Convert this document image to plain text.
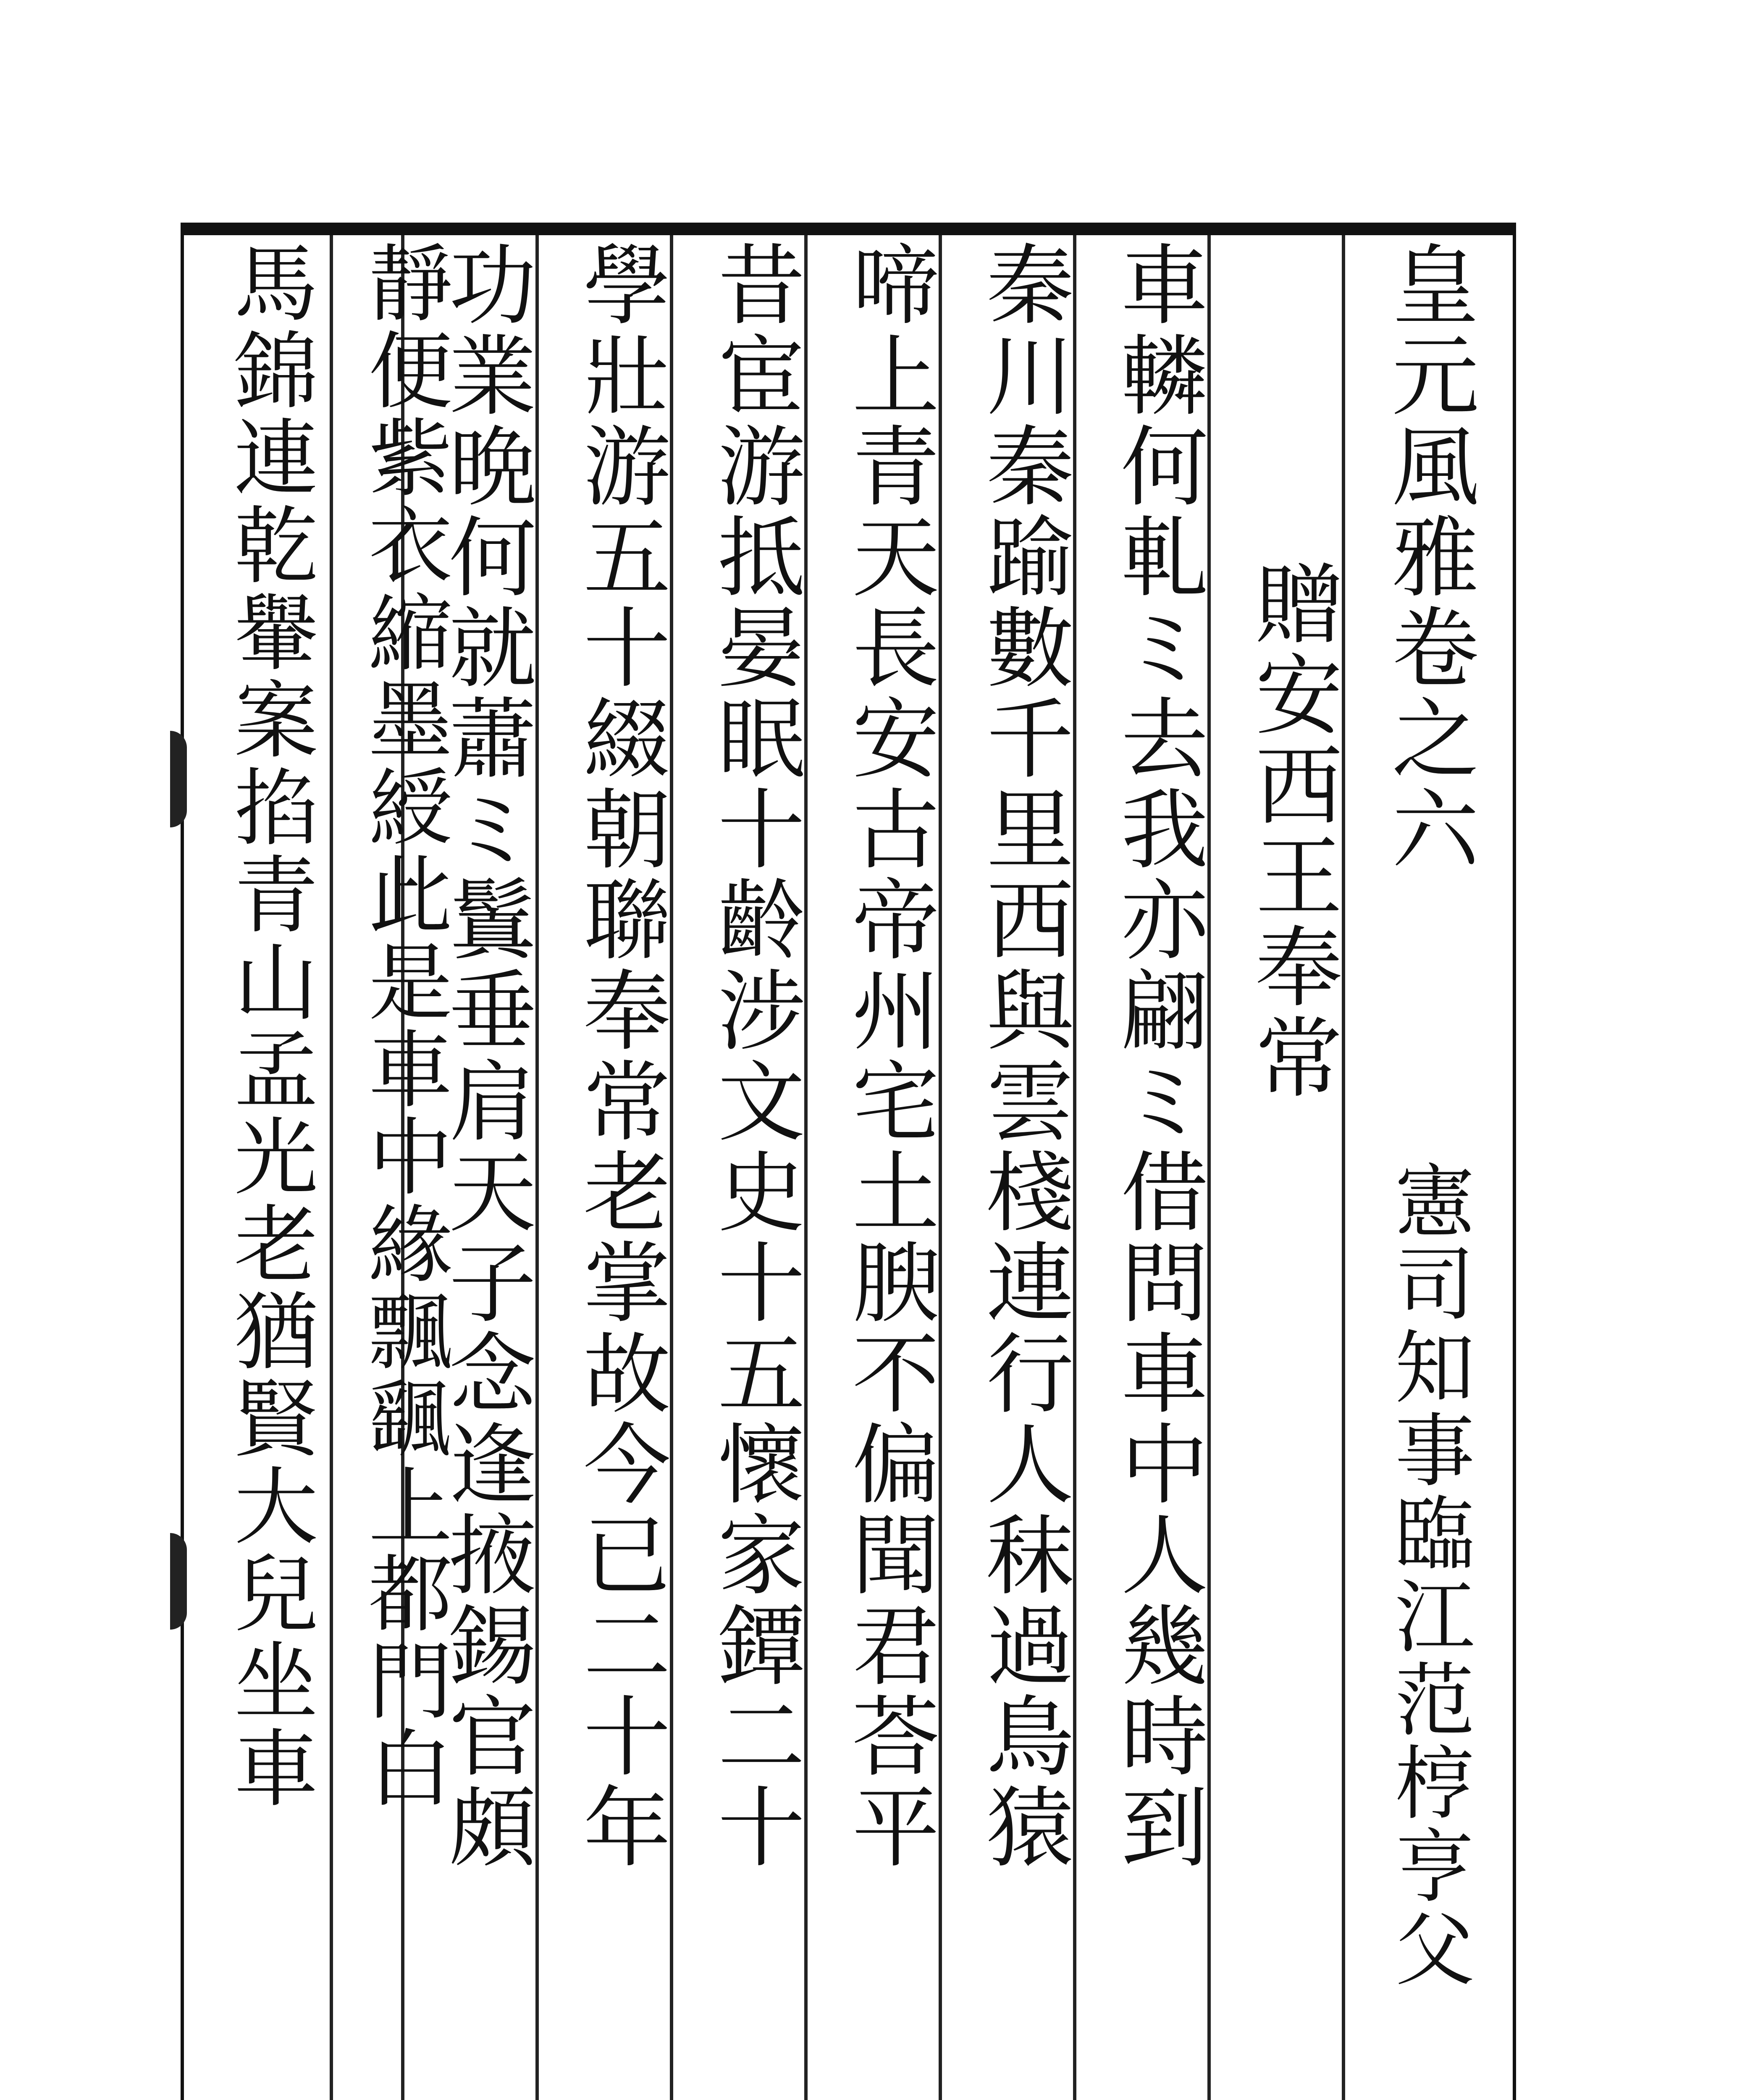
皇元風雅卷之六
憲司知事臨江范梈亨父
贈安西王奉常
車轔何軋ミ去我亦翩ミ借問車中人幾時到
秦川秦踰數千里西與雲棧連行人秣過鳥猿
啼上青天長安古帝州宅土腴不偏聞君荅平
昔宦游抵晏眠十齡涉文史十五懷家鐔二十
學壯游五十綴朝聯奉常老掌故今已二十年
功業晩何就蕭ミ鬒垂肩天子念逢掖錫官頗
靜便紫衣縮墨綬此是車中緣飄颻上都門白
馬錦連乾轝案掐青山孟光老猶賢大兒坐車
